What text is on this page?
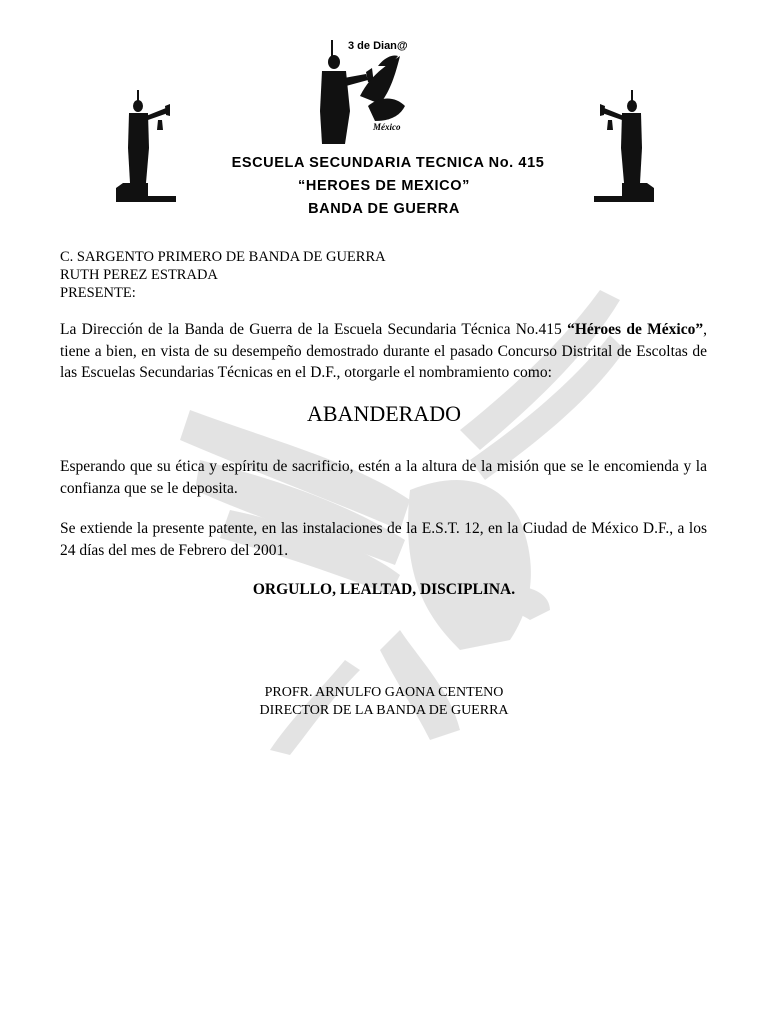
3 de Dian@
México

ESCUELA SECUNDARIA TECNICA No. 415

“HEROES DE MEXICO”

BANDA DE GUERRA

C. SARGENTO PRIMERO DE BANDA DE GUERRA

RUTH PEREZ ESTRADA

PRESENTE:

La Dirección de la Banda de Guerra de la Escuela Secundaria Técnica No.415 “Héroes de México”, tiene a bien, en vista de su desempeño demostrado durante el pasado Concurso Distrital de Escoltas de las Escuelas Secundarias Técnicas en el D.F., otorgarle el nombramiento como:

ABANDERADO

Esperando que su ética y espíritu de sacrificio, estén a la altura de la misión que se le encomienda y la confianza que se le deposita.

Se extiende la presente patente, en las instalaciones de la E.S.T. 12, en la Ciudad de México D.F., a los 24 días del mes de Febrero del 2001.

ORGULLO, LEALTAD, DISCIPLINA.

PROFR. ARNULFO GAONA CENTENO

DIRECTOR DE LA BANDA DE GUERRA
